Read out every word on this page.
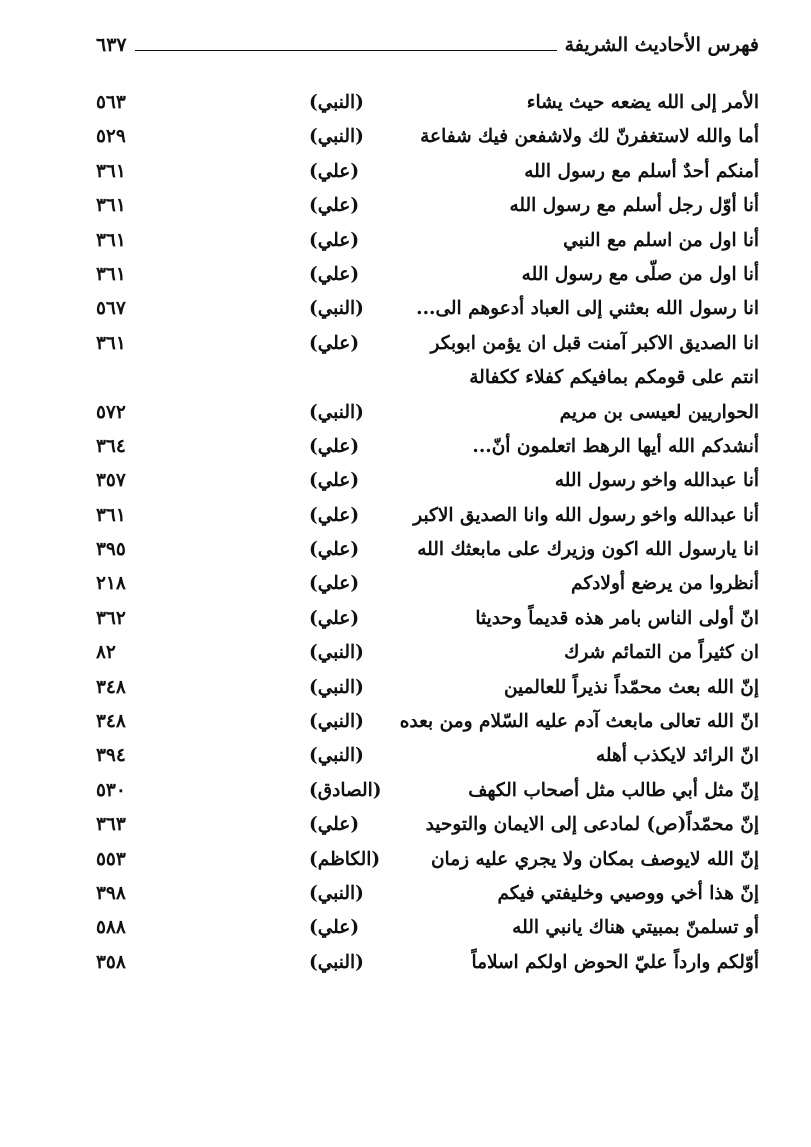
فهرس الأحاديث الشريفة
٦٣٧
الأمر إلى الله يضعه حيث يشاء
(النبي)
٥٦٣
أما والله لاستغفرنّ لك ولاشفعن فيك شفاعة
(النبي)
٥٢٩
أمنكم أحدٌ أسلم مع رسول الله
(علي)
٣٦١
أنا أوّل رجل أسلم مع رسول الله
(علي)
٣٦١
أنا اول من اسلم مع النبي
(علي)
٣٦١
أنا اول من صلّى مع رسول الله
(علي)
٣٦١
انا رسول الله بعثني إلى العباد أدعوهم الى...
(النبي)
٥٦٧
انا الصديق الاكبر آمنت قبل ان يؤمن ابوبكر
(علي)
٣٦١
انتم على قومكم بمافيكم كفلاء ككفالة
الحواريين لعيسى بن مريم
(النبي)
٥٧٢
أنشدكم الله أيها الرهط اتعلمون أنّ...
(علي)
٣٦٤
أنا عبدالله واخو رسول الله
(علي)
٣٥٧
أنا عبدالله واخو رسول الله وانا الصديق الاكبر
(علي)
٣٦١
انا يارسول الله اكون وزيرك على مابعثك الله
(علي)
٣٩٥
أنظروا من يرضع أولادكم
(علي)
٢١٨
انّ أولى الناس بامر هذه قديماً وحديثا
(علي)
٣٦٢
ان كثيراً من التمائم شرك
(النبي)
٨٢
إنّ الله بعث محمّداً نذيراً للعالمين
(النبي)
٣٤٨
انّ الله تعالى مابعث آدم عليه السّلام ومن بعده
(النبي)
٣٤٨
انّ الرائد لايكذب أهله
(النبي)
٣٩٤
إنّ مثل أبي طالب مثل أصحاب الكهف
(الصادق)
٥٣٠
إنّ محمّداً(ص) لمادعى إلى الايمان والتوحيد
(علي)
٣٦٣
إنّ الله لايوصف بمكان ولا يجري عليه زمان
(الكاظم)
٥٥٣
إنّ هذا أخي ووصيي وخليفتي فيكم
(النبي)
٣٩٨
أو تسلمنّ بمبيتي هناك يانبي الله
(علي)
٥٨٨
أوّلكم وارداً عليّ الحوض اولكم اسلاماً
(النبي)
٣٥٨
